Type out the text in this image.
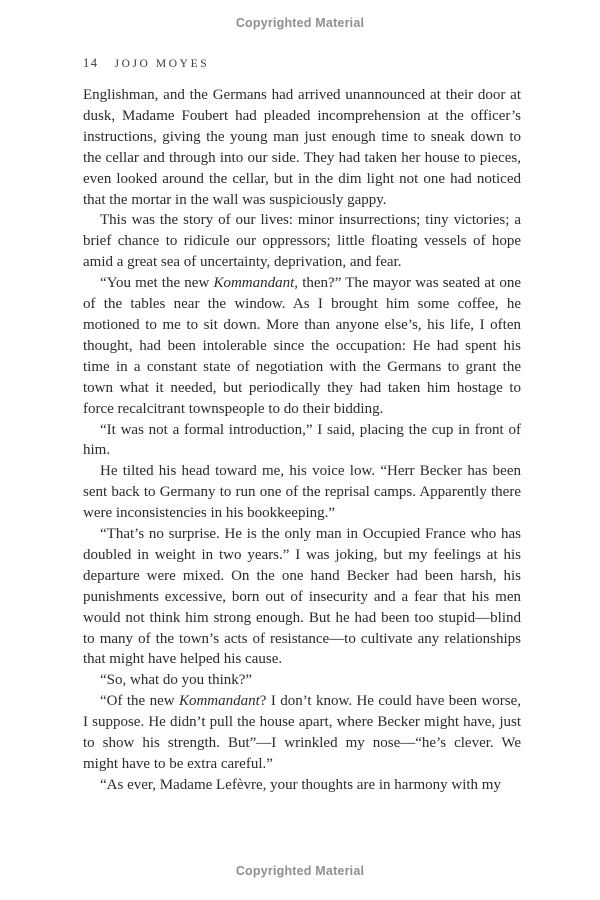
Copyrighted Material
14 JOJO MOYES

Englishman, and the Germans had arrived unannounced at their door at dusk, Madame Foubert had pleaded incomprehension at the officer’s instructions, giving the young man just enough time to sneak down to the cellar and through into our side. They had taken her house to pieces, even looked around the cellar, but in the dim light not one had noticed that the mortar in the wall was suspiciously gappy.

This was the story of our lives: minor insurrections; tiny victories; a brief chance to ridicule our oppressors; little floating vessels of hope amid a great sea of uncertainty, deprivation, and fear.

“You met the new Kommandant, then?” The mayor was seated at one of the tables near the window. As I brought him some coffee, he motioned to me to sit down. More than anyone else’s, his life, I often thought, had been intolerable since the occupation: He had spent his time in a constant state of negotiation with the Germans to grant the town what it needed, but periodically they had taken him hostage to force recalcitrant townspeople to do their bidding.

“It was not a formal introduction,” I said, placing the cup in front of him.

He tilted his head toward me, his voice low. “Herr Becker has been sent back to Germany to run one of the reprisal camps. Apparently there were inconsistencies in his bookkeeping.”

“That’s no surprise. He is the only man in Occupied France who has doubled in weight in two years.” I was joking, but my feelings at his departure were mixed. On the one hand Becker had been harsh, his punishments excessive, born out of insecurity and a fear that his men would not think him strong enough. But he had been too stupid—blind to many of the town’s acts of resistance—to cultivate any relationships that might have helped his cause.

“So, what do you think?”

“Of the new Kommandant? I don’t know. He could have been worse, I suppose. He didn’t pull the house apart, where Becker might have, just to show his strength. But”—I wrinkled my nose—“he’s clever. We might have to be extra careful.”

“As ever, Madame Lefèvre, your thoughts are in harmony with my

Copyrighted Material
